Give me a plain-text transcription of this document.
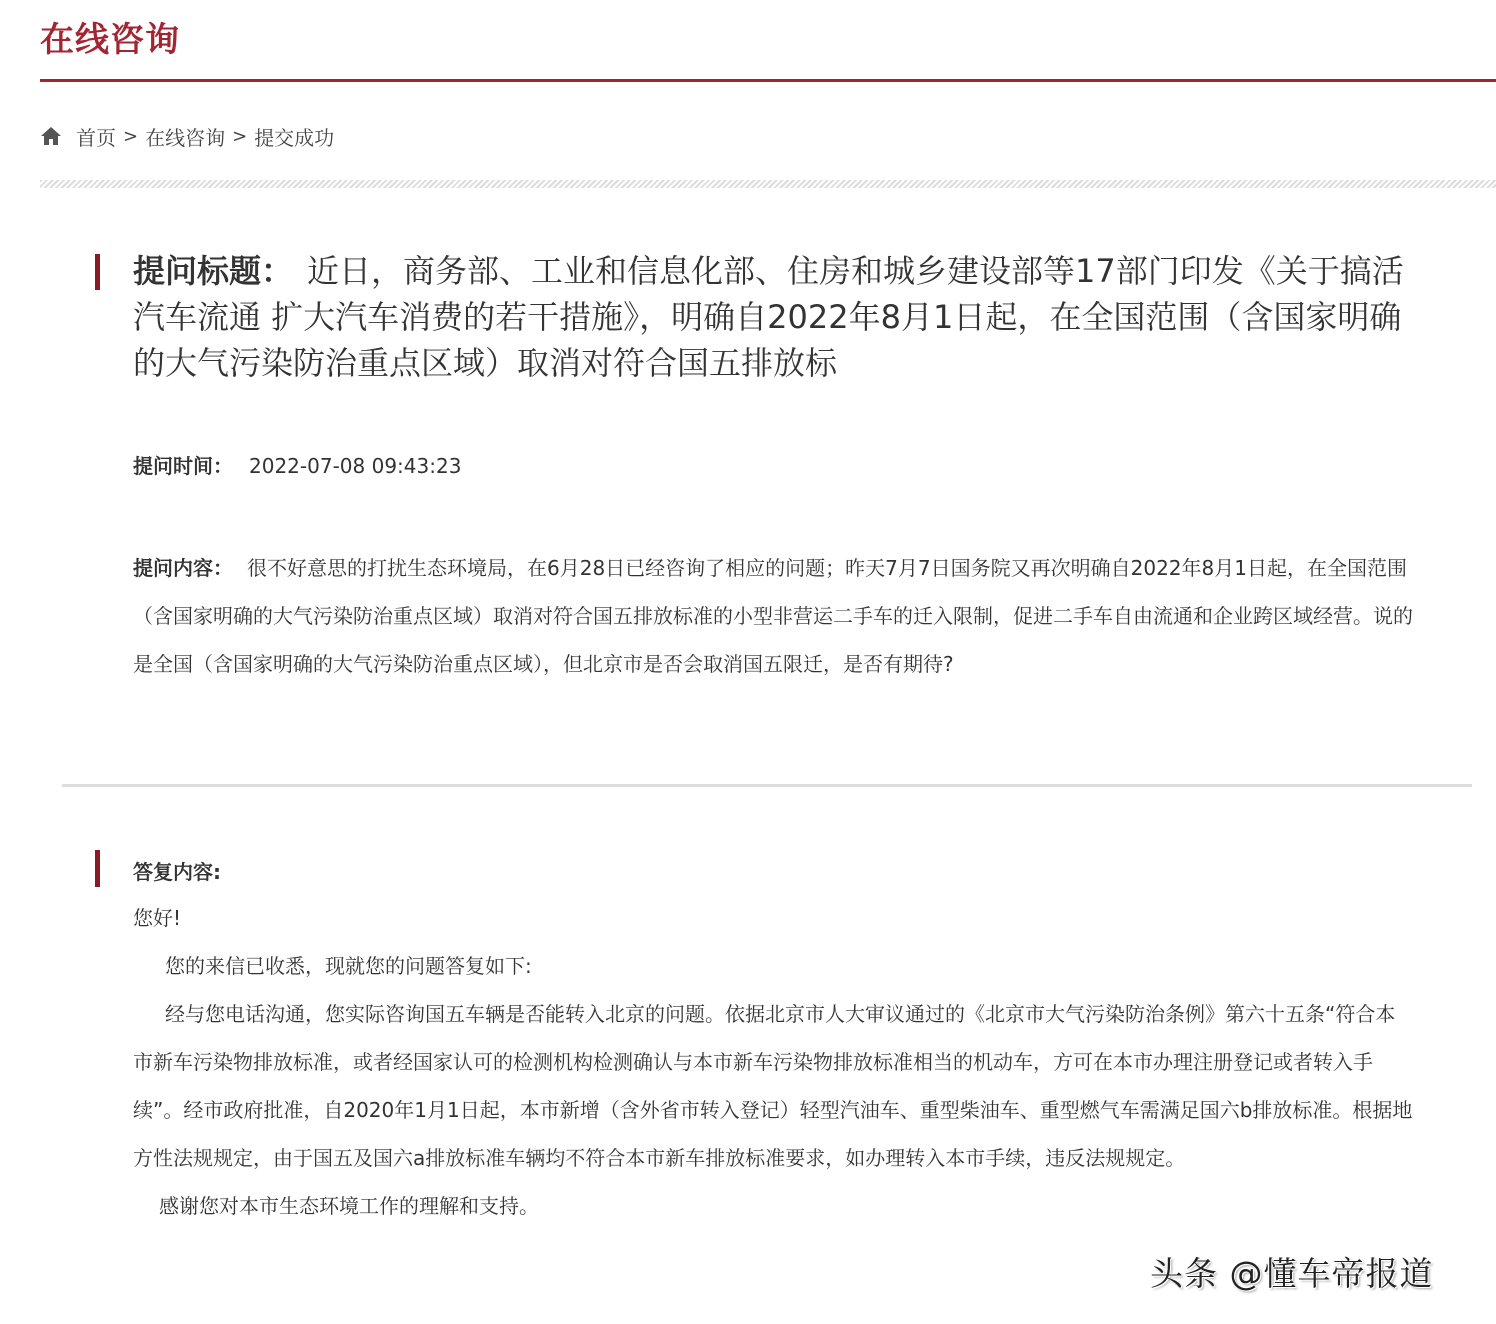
在线咨询
首页 > 在线咨询 > 提交成功
提问标题： 近日，商务部、工业和信息化部、住房和城乡建设部等17部门印发《关于搞活汽车流通 扩大汽车消费的若干措施》，明确自2022年8月1日起，在全国范围（含国家明确的大气污染防治重点区域）取消对符合国五排放标
提问时间： 2022-07-08 09:43:23
提问内容： 很不好意思的打扰生态环境局，在6月28日已经咨询了相应的问题；昨天7月7日国务院又再次明确自2022年8月1日起，在全国范围（含国家明确的大气污染防治重点区域）取消对符合国五排放标准的小型非营运二手车的迁入限制，促进二手车自由流通和企业跨区域经营。说的是全国（含国家明确的大气污染防治重点区域），但北京市是否会取消国五限迁，是否有期待?
答复内容:

您好!

您的来信已收悉，现就您的问题答复如下:

经与您电话沟通，您实际咨询国五车辆是否能转入北京的问题。依据北京市人大审议通过的《北京市大气污染防治条例》第六十五条“符合本市新车污染物排放标准，或者经国家认可的检测机构检测确认与本市新车污染物排放标准相当的机动车，方可在本市办理注册登记或者转入手续”。经市政府批准，自2020年1月1日起，本市新增（含外省市转入登记）轻型汽油车、重型柴油车、重型燃气车需满足国六b排放标准。根据地方性法规规定，由于国五及国六a排放标准车辆均不符合本市新车排放标准要求，如办理转入本市手续，违反法规规定。

感谢您对本市生态环境工作的理解和支持。

头条 @懂车帝报道
